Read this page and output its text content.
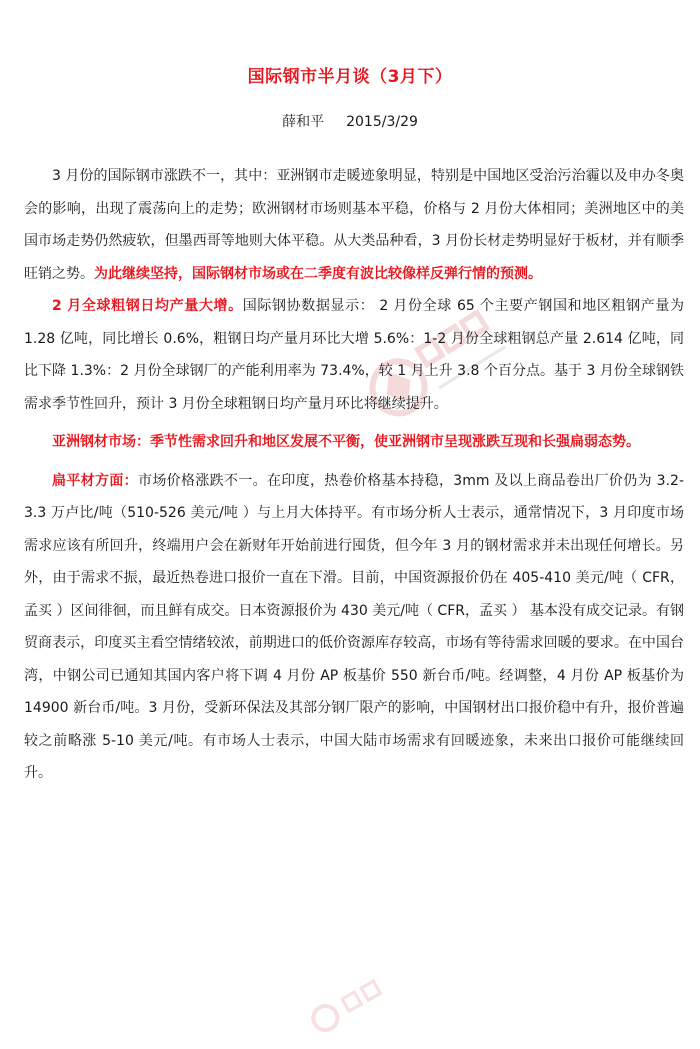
国际钢市半月谈（3月下）
薛和平 2015/3/29

3 月份的国际钢市涨跌不一，其中：亚洲钢市走暖迹象明显，特别是中国地区受治污治霾以及申办冬奥会的影响，出现了震荡向上的走势；欧洲钢材市场则基本平稳，价格与 2 月份大体相同；美洲地区中的美国市场走势仍然疲软，但墨西哥等地则大体平稳。从大类品种看，3 月份长材走势明显好于板材，并有顺季旺销之势。为此继续坚持，国际钢材市场或在二季度有波比较像样反弹行情的预测。

2 月全球粗钢日均产量大增。国际钢协数据显示： 2 月份全球 65 个主要产钢国和地区粗钢产量为 1.28 亿吨，同比增长 0.6%，粗钢日均产量月环比大增 5.6%：1-2 月份全球粗钢总产量 2.614 亿吨，同比下降 1.3%：2 月份全球钢厂的产能利用率为 73.4%，较 1 月上升 3.8 个百分点。基于 3 月份全球钢铁需求季节性回升，预计 3 月份全球粗钢日均产量月环比将继续提升。

亚洲钢材市场：季节性需求回升和地区发展不平衡，使亚洲钢市呈现涨跌互现和长强扁弱态势。

扁平材方面：市场价格涨跌不一。在印度，热卷价格基本持稳，3mm 及以上商品卷出厂价仍为 3.2-3.3 万卢比/吨（510-526 美元/吨 ）与上月大体持平。有市场分析人士表示，通常情况下，3 月印度市场需求应该有所回升，终端用户会在新财年开始前进行囤货，但今年 3 月的钢材需求并未出现任何增长。另外，由于需求不振，最近热卷进口报价一直在下滑。目前，中国资源报价仍在 405-410 美元/吨（ CFR，孟买 ）区间徘徊，而且鲜有成交。日本资源报价为 430 美元/吨（ CFR，孟买 ） 基本没有成交记录。有钢贸商表示，印度买主看空情绪较浓，前期进口的低价资源库存较高，市场有等待需求回暖的要求。在中国台湾，中钢公司已通知其国内客户将下调 4 月份 AP 板基价 550 新台币/吨。经调整，4 月份 AP 板基价为 14900 新台币/吨。3 月份，受新环保法及其部分钢厂限产的影响，中国钢材出口报价稳中有升，报价普遍较之前略涨 5-10 美元/吨。有市场人士表示，中国大陆市场需求有回暖迹象，未来出口报价可能继续回升。
